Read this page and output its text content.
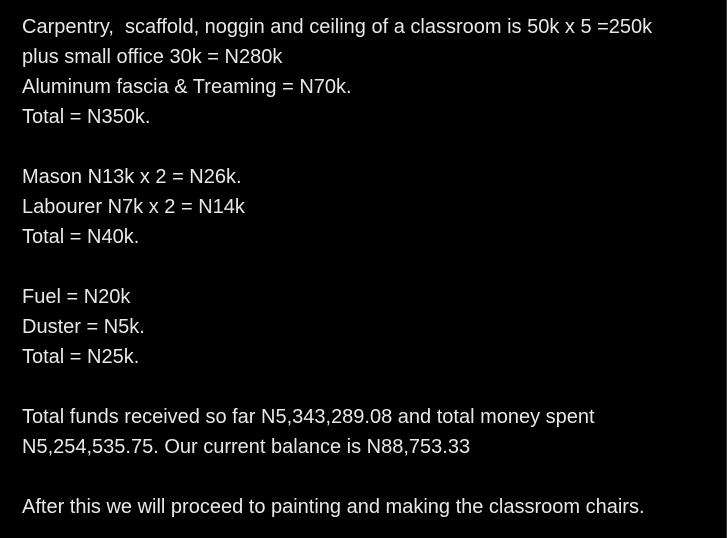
Carpentry,  scaffold, noggin and ceiling of a classroom is 50k x 5 =250k
plus small office 30k = N280k
Aluminum fascia & Treaming = N70k.
Total = N350k.
Mason N13k x 2 = N26k.
Labourer N7k x 2 = N14k
Total = N40k.
Fuel = N20k
Duster = N5k.
Total = N25k.
Total funds received so far N5,343,289.08 and total money spent
N5,254,535.75. Our current balance is N88,753.33
After this we will proceed to painting and making the classroom chairs.
